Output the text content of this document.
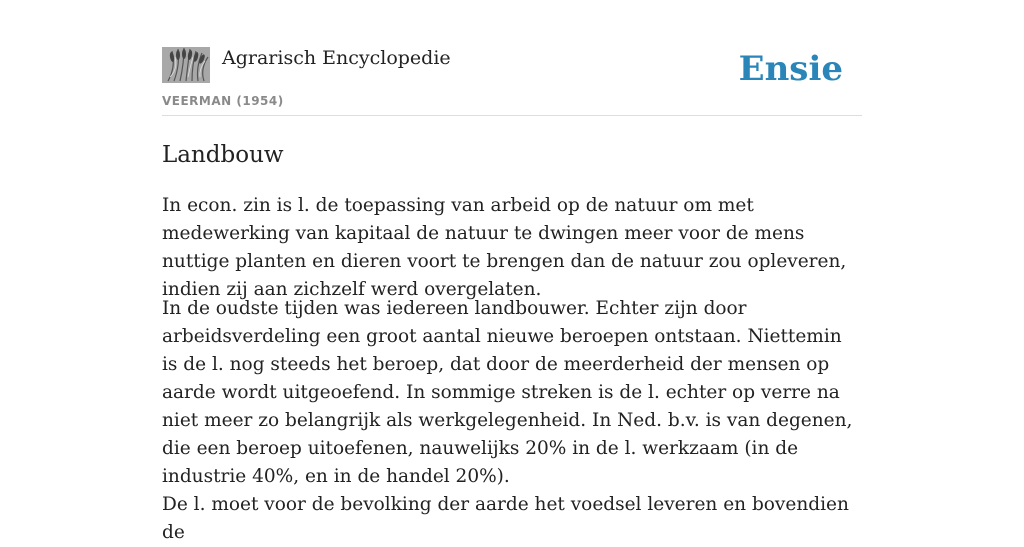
Agrarisch Encyclopedie
VEERMAN (1954)
Ensie
Landbouw

In econ. zin is l. de toepassing van arbeid op de natuur om met medewerking van kapitaal de natuur te dwingen meer voor de mens nuttige planten en dieren voort te brengen dan de natuur zou opleveren, indien zij aan zichzelf werd overgelaten.

In de oudste tijden was iedereen landbouwer. Echter zijn door arbeidsverdeling een groot aantal nieuwe beroepen ontstaan. Niettemin is de l. nog steeds het beroep, dat door de meerderheid der mensen op aarde wordt uitgeoefend. In sommige streken is de l. echter op verre na niet meer zo belangrijk als werkgelegenheid. In Ned. b.v. is van degenen, die een beroep uitoefenen, nauwelijks 20% in de l. werkzaam (in de industrie 40%, en in de handel 20%).

De l. moet voor de bevolking der aarde het voedsel leveren en bovendien de
